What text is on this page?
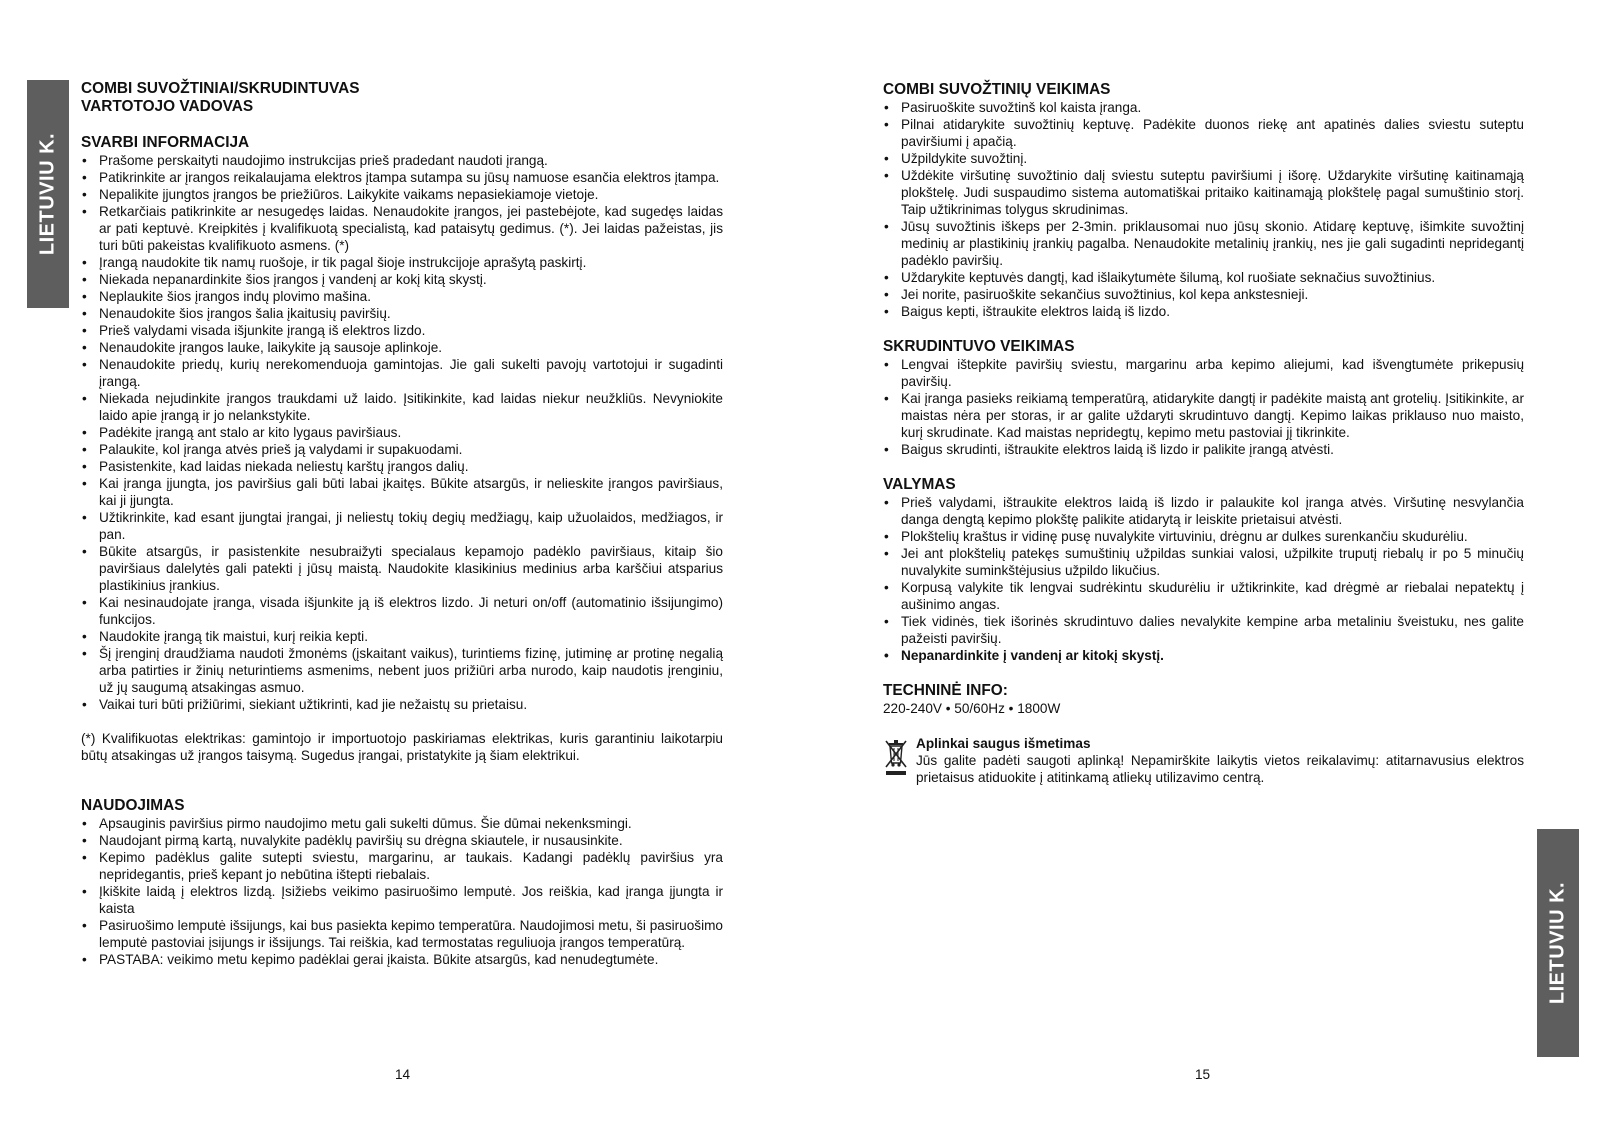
LIETUVIU K.
COMBI SUVOŽTINIAI/SKRUDINTUVAS
VARTOTOJO VADOVAS
SVARBI INFORMACIJA
• Prašome perskaityti naudojimo instrukcijas prieš pradedant naudoti įrangą.
• Patikrinkite ar įrangos reikalaujama elektros įtampa sutampa su jūsų namuose esančia elektros įtampa.
• Nepalikite įjungtos įrangos be priežiūros. Laikykite vaikams nepasiekiamoje vietoje.
• Retkarčiais patikrinkite ar nesugedęs laidas. Nenaudokite įrangos, jei pastebėjote, kad sugedęs laidas ar pati keptuvė. Kreipkitės į kvalifikuotą specialistą, kad pataisytų gedimus. (*). Jei laidas pažeistas, jis turi būti pakeistas kvalifikuoto asmens. (*)
• Įrangą naudokite tik namų ruošoje, ir tik pagal šioje instrukcijoje aprašytą paskirtį.
• Niekada nepanardinkite šios įrangos į vandenį ar kokį kitą skystį.
• Neplaukite šios įrangos indų plovimo mašina.
• Nenaudokite šios įrangos šalia įkaitusių paviršių.
• Prieš valydami visada išjunkite įrangą iš elektros lizdo.
• Nenaudokite įrangos lauke, laikykite ją sausoje aplinkoje.
• Nenaudokite priedų, kurių nerekomenduoja gamintojas. Jie gali sukelti pavojų vartotojui ir sugadinti įrangą.
• Niekada nejudinkite įrangos traukdami už laido. Įsitikinkite, kad laidas niekur neužkliūs. Nevyniokite laido apie įrangą ir jo nelankstykite.
• Padėkite įrangą ant stalo ar kito lygaus paviršiaus.
• Palaukite, kol įranga atvės prieš ją valydami ir supakuodami.
• Pasistenkite, kad laidas niekada neliestų karštų įrangos dalių.
• Kai įranga įjungta, jos paviršius gali būti labai įkaitęs. Būkite atsargūs, ir nelieskite įrangos paviršiaus, kai ji įjungta.
• Užtikrinkite, kad esant įjungtai įrangai, ji neliestų tokių degių medžiagų, kaip užuolaidos, medžiagos, ir pan.
• Būkite atsargūs, ir pasistenkite nesubraižyti specialaus kepamojo padėklo paviršiaus, kitaip šio paviršiaus dalelytės gali patekti į jūsų maistą. Naudokite klasikinius medinius arba karščiui atsparius plastikinius įrankius.
• Kai nesinaudojate įranga, visada išjunkite ją iš elektros lizdo. Ji neturi on/off (automatinio išsijungimo) funkcijos.
• Naudokite įrangą tik maistui, kurį reikia kepti.
• Šį įrenginį draudžiama naudoti žmonėms (įskaitant vaikus), turintiems fizinę, jutiminę ar protinę negalią arba patirties ir žinių neturintiems asmenims, nebent juos prižiūri arba nurodo, kaip naudotis įrenginiu, už jų saugumą atsakingas asmuo.
• Vaikai turi būti prižiūrimi, siekiant užtikrinti, kad jie nežaistų su prietaisu.

(*) Kvalifikuotas elektrikas: gamintojo ir importuotojo paskiriamas elektrikas, kuris garantiniu laikotarpiu būtų atsakingas už įrangos taisymą. Sugedus įrangai, pristatykite ją šiam elektrikui.

NAUDOJIMAS
• Apsauginis paviršius pirmo naudojimo metu gali sukelti dūmus. Šie dūmai nekenksmingi.
• Naudojant pirmą kartą, nuvalykite padėklų paviršių su drėgna skiautele, ir nusausinkite.
• Kepimo padėklus galite sutepti sviestu, margarinu, ar taukais. Kadangi padėklų paviršius yra nepridegantis, prieš kepant jo nebūtina ištepti riebalais.
• Įkiškite laidą į elektros lizdą. Įsižiebs veikimo pasiruošimo lemputė. Jos reiškia, kad įranga įjungta ir kaista
• Pasiruošimo lemputė išsijungs, kai bus pasiekta kepimo temperatūra. Naudojimosi metu, ši pasiruošimo lemputė pastoviai įsijungs ir išsijungs. Tai reiškia, kad termostatas reguliuoja įrangos temperatūrą.
• PASTABA: veikimo metu kepimo padėklai gerai įkaista. Būkite atsargūs, kad nenudegtumėte.
14
COMBI SUVOŽTINIŲ VEIKIMAS
• Pasiruoškite suvožtinš kol kaista įranga.
• Pilnai atidarykite suvožtinių keptuvę. Padėkite duonos riekę ant apatinės dalies sviestu suteptu paviršiumi į apačią.
• Užpildykite suvožtinį.
• Uždėkite viršutinę suvožtinio dalį sviestu suteptu paviršiumi į išorę. Uždarykite viršutinę kaitinamąją plokštelę. Judi suspaudimo sistema automatiškai pritaiko kaitinamąją plokštelę pagal sumuštinio storį. Taip užtikrinimas tolygus skrudinimas.
• Jūsų suvožtinis iškeps per 2-3min. priklausomai nuo jūsų skonio. Atidarę keptuvę, išimkite suvožtinį medinių ar plastikinių įrankių pagalba. Nenaudokite metalinių įrankių, nes jie gali sugadinti nepridegantį padėklo paviršių.
• Uždarykite keptuvės dangtį, kad išlaikytumėte šilumą, kol ruošiate seknačius suvožtinius.
• Jei norite, pasiruoškite sekančius suvožtinius, kol kepa ankstesnieji.
• Baigus kepti, ištraukite elektros laidą iš lizdo.
SKRUDINTUVO VEIKIMAS
• Lengvai ištepkite paviršių sviestu, margarinu arba kepimo aliejumi, kad išvengtumėte prikepusių paviršių.
• Kai įranga pasieks reikiamą temperatūrą, atidarykite dangtį ir padėkite maistą ant grotelių. Įsitikinkite, ar maistas nėra per storas, ir ar galite uždaryti skrudintuvo dangtį. Kepimo laikas priklauso nuo maisto, kurį skrudinate. Kad maistas nepridegtų, kepimo metu pastoviai jį tikrinkite.
• Baigus skrudinti, ištraukite elektros laidą iš lizdo ir palikite įrangą atvėsti.
VALYMAS
• Prieš valydami, ištraukite elektros laidą iš lizdo ir palaukite kol įranga atvės. Viršutinę nesvylančia danga dengtą kepimo plokštę palikite atidarytą ir leiskite prietaisui atvėsti.
• Plokštelių kraštus ir vidinę pusę nuvalykite virtuviniu, drėgnu ar dulkes surenkančiu skudurėliu.
• Jei ant plokštelių patekęs sumuštinių užpildas sunkiai valosi, užpilkite truputį riebalų ir po 5 minučių nuvalykite suminkštėjusius užpildo likučius.
• Korpusą valykite tik lengvai sudrėkintu skudurėliu ir užtikrinkite, kad drėgmė ar riebalai nepatektų į aušinimo angas.
• Tiek vidinės, tiek išorinės skrudintuvo dalies nevalykite kempine arba metaliniu šveistuku, nes galite pažeisti paviršių.
• Nepanardinkite į vandenį ar kitokį skystį.
TECHNINĖ INFO:

220-240V • 50/60Hz • 1800W

Aplinkai saugus išmetimas

Jūs galite padėti saugoti aplinką! Nepamirškite laikytis vietos reikalavimų: atitarnavusius elektros prietaisus atiduokite į atitinkamą atliekų utilizavimo centrą.

15
LIETUVIU K.
